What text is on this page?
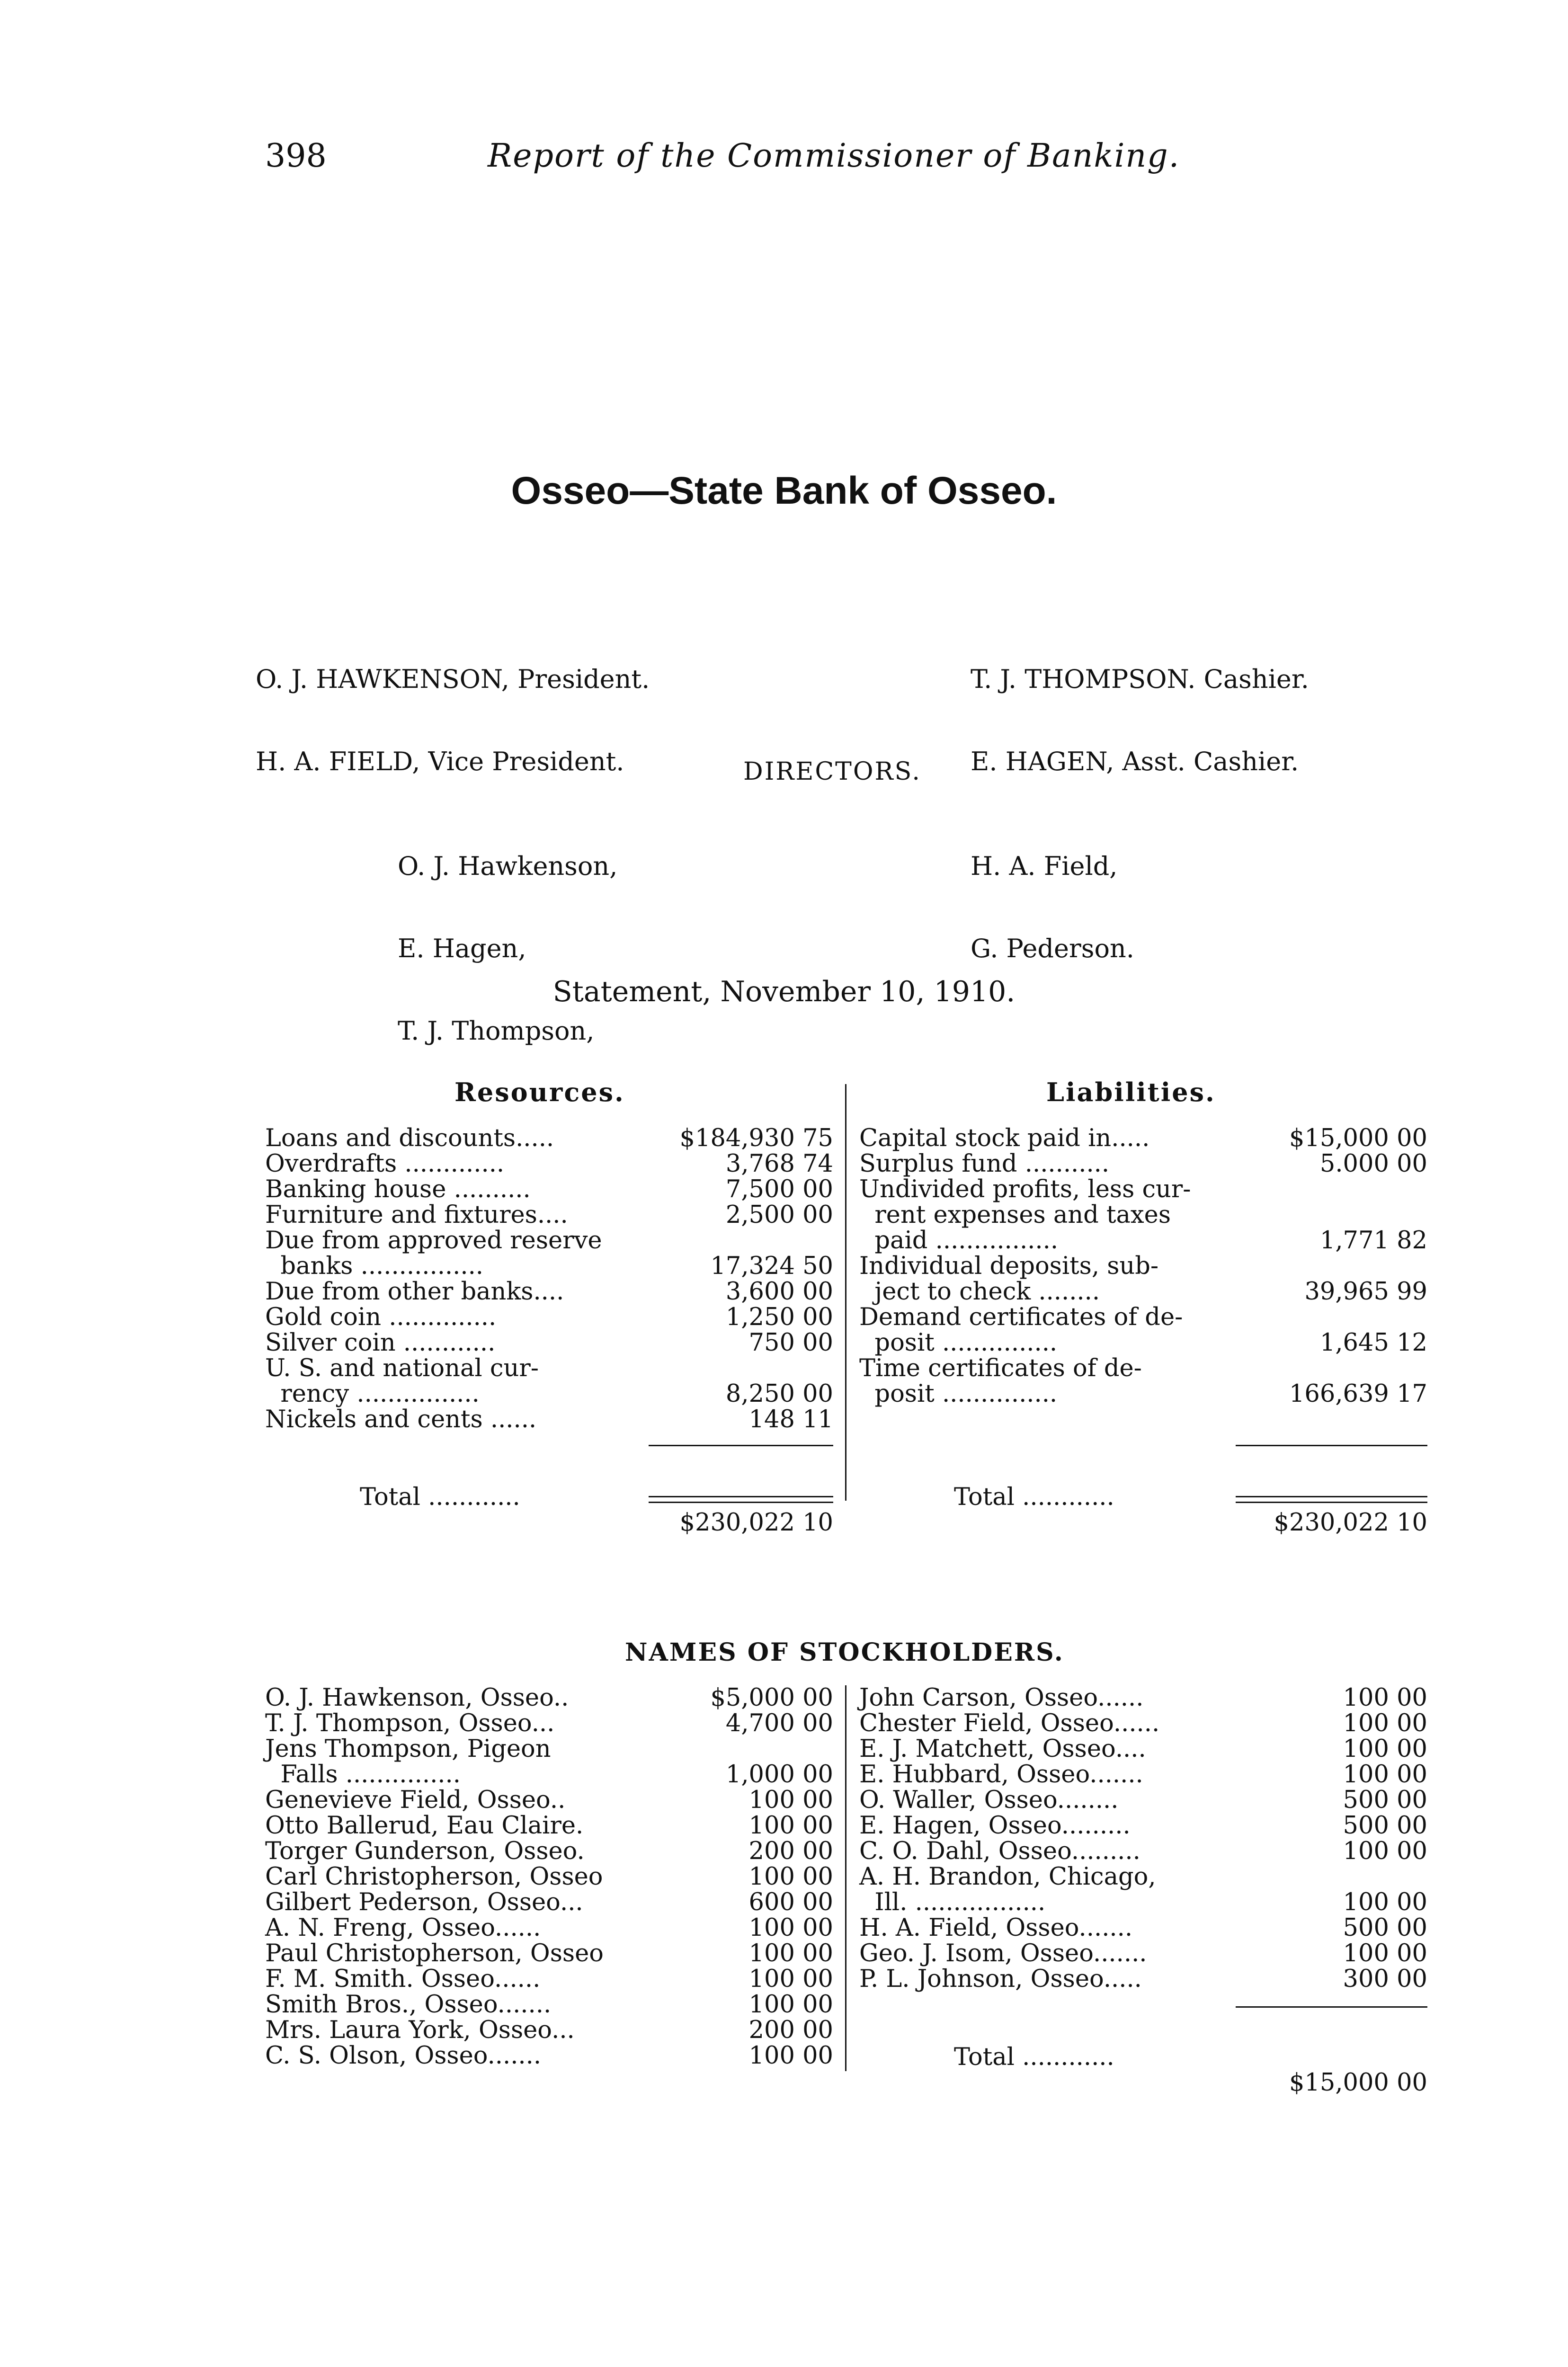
398	Report of the Commissioner of Banking.
Osseo—State Bank of Osseo.

O. J. HAWKENSON, President.

H. A. FIELD, Vice President.

T. J. THOMPSON. Cashier.

E. HAGEN, Asst. Cashier.

DIRECTORS.

O. J. Hawkenson,

E. Hagen,

T. J. Thompson,

H. A. Field,

G. Pederson.

Statement, November 10, 1910.
Resources.	Liabilities.
Loans and discounts.....	$184,930 75
Overdrafts .............	3,768 74
Banking house ..........	7,500 00
Furniture and fixtures....	2,500 00
Due from approved reserve
banks ................	17,324 50
Due from other banks....	3,600 00
Gold coin ..............	1,250 00
Silver coin ............	750 00
U. S. and national cur-
rency ................	8,250 00
Nickels and cents ......	148 11

Total ............

$230,022 10

Capital stock paid in.....	$15,000 00
Surplus fund ...........	5.000 00
Undivided profits, less cur-
rent expenses and taxes
paid ................	1,771 82
Individual deposits, sub-
ject to check ........	39,965 99
Demand certificates of de-
posit ...............	1,645 12
Time certificates of de-
posit ...............	166,639 17

Total ............

$230,022 10

NAMES OF STOCKHOLDERS.
O. J. Hawkenson, Osseo..	$5,000 00
T. J. Thompson, Osseo...	4,700 00
Jens Thompson, Pigeon
Falls ...............	1,000 00
Genevieve Field, Osseo..	100 00
Otto Ballerud, Eau Claire.	100 00
Torger Gunderson, Osseo.	200 00
Carl Christopherson, Osseo	100 00
Gilbert Pederson, Osseo...	600 00
A. N. Freng, Osseo......	100 00
Paul Christopherson, Osseo	100 00
F. M. Smith. Osseo......	100 00
Smith Bros., Osseo.......	100 00
Mrs. Laura York, Osseo...	200 00
C. S. Olson, Osseo.......	100 00
John Carson, Osseo......	100 00
Chester Field, Osseo......	100 00
E. J. Matchett, Osseo....	100 00
E. Hubbard, Osseo.......	100 00
O. Waller, Osseo........	500 00
E. Hagen, Osseo.........	500 00
C. O. Dahl, Osseo.........	100 00
A. H. Brandon, Chicago,
Ill. .................	100 00
H. A. Field, Osseo.......	500 00
Geo. J. Isom, Osseo.......	100 00
P. L. Johnson, Osseo.....	300 00

Total ............

$15,000 00
